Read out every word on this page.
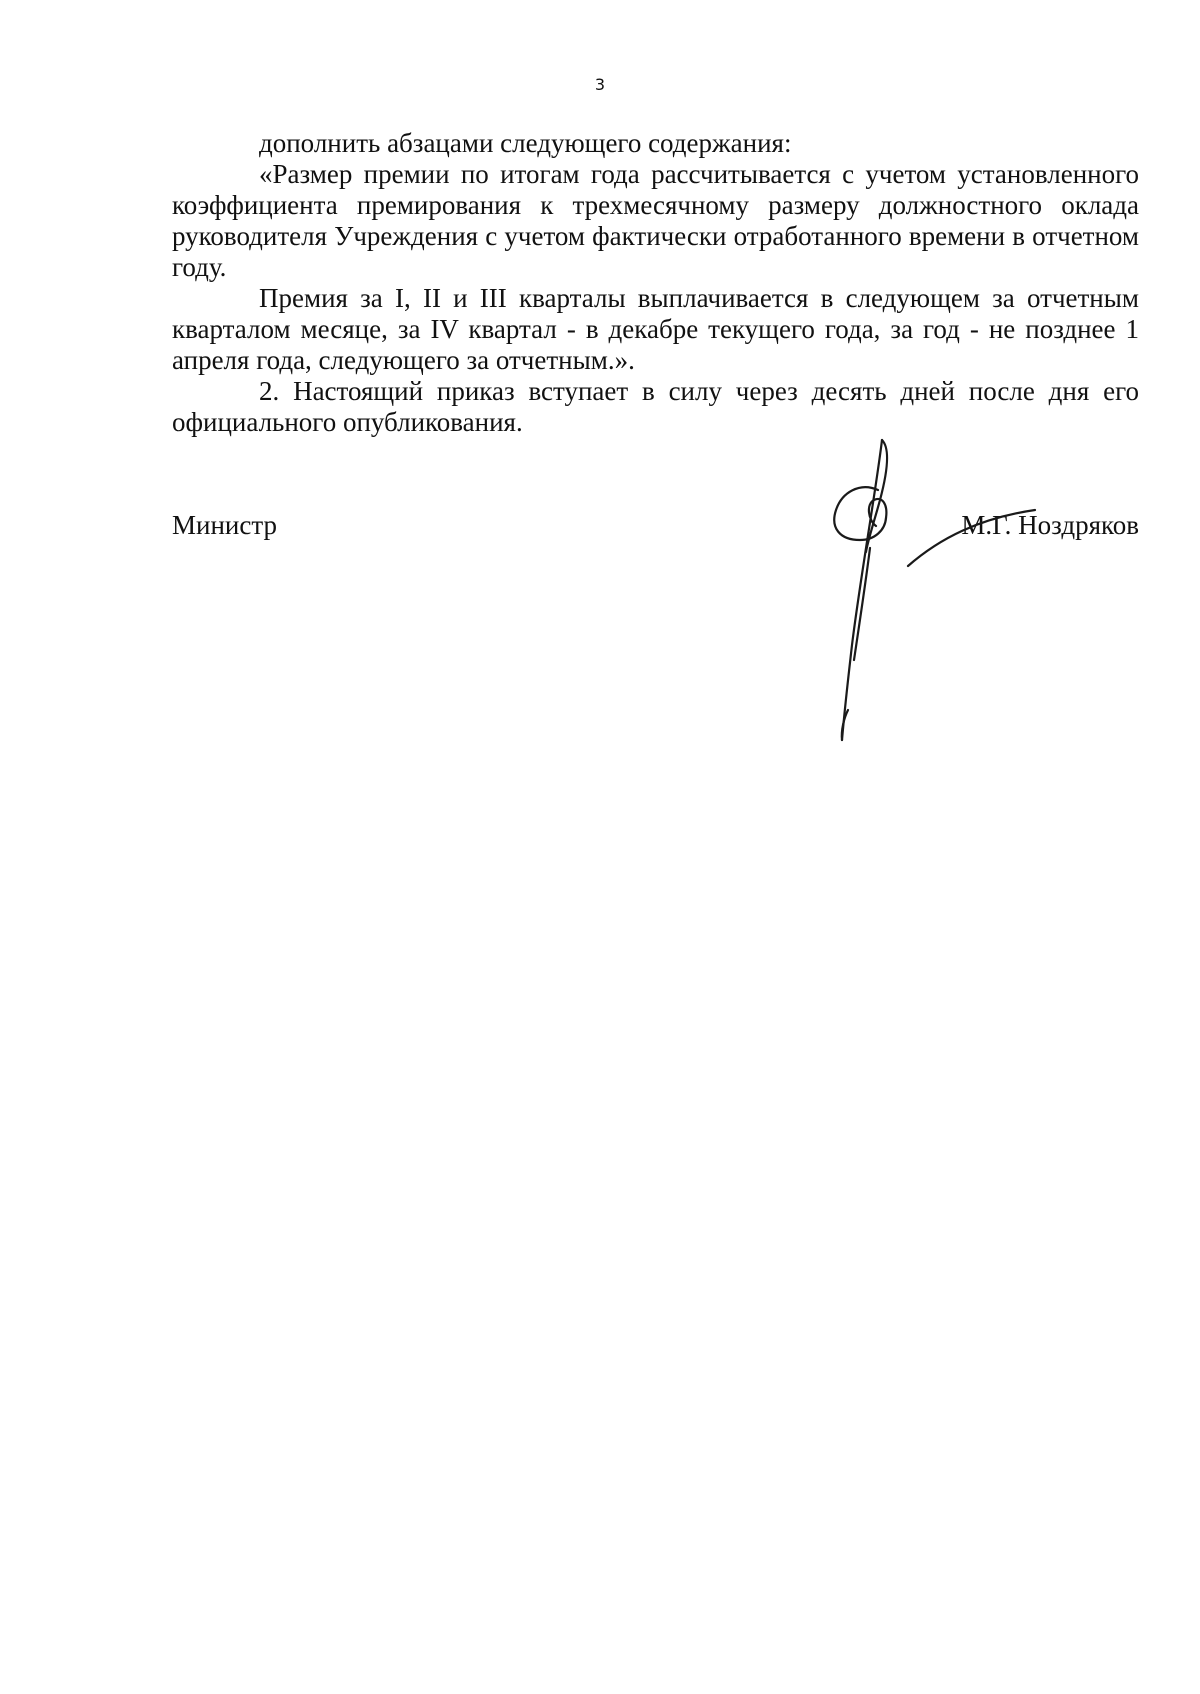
3

дополнить абзацами следующего содержания:

«Размер премии по итогам года рассчитывается с учетом установленного коэффициента премирования к трехмесячному размеру должностного оклада руководителя Учреждения с учетом фактически отработанного времени в отчетном году.

Премия за I, II и III кварталы выплачивается в следующем за отчетным кварталом месяце, за IV квартал - в декабре текущего года, за год - не позднее 1 апреля года, следующего за отчетным.».

2. Настоящий приказ вступает в силу через десять дней после дня его официального опубликования.

Министр	М.Г. Ноздряков
